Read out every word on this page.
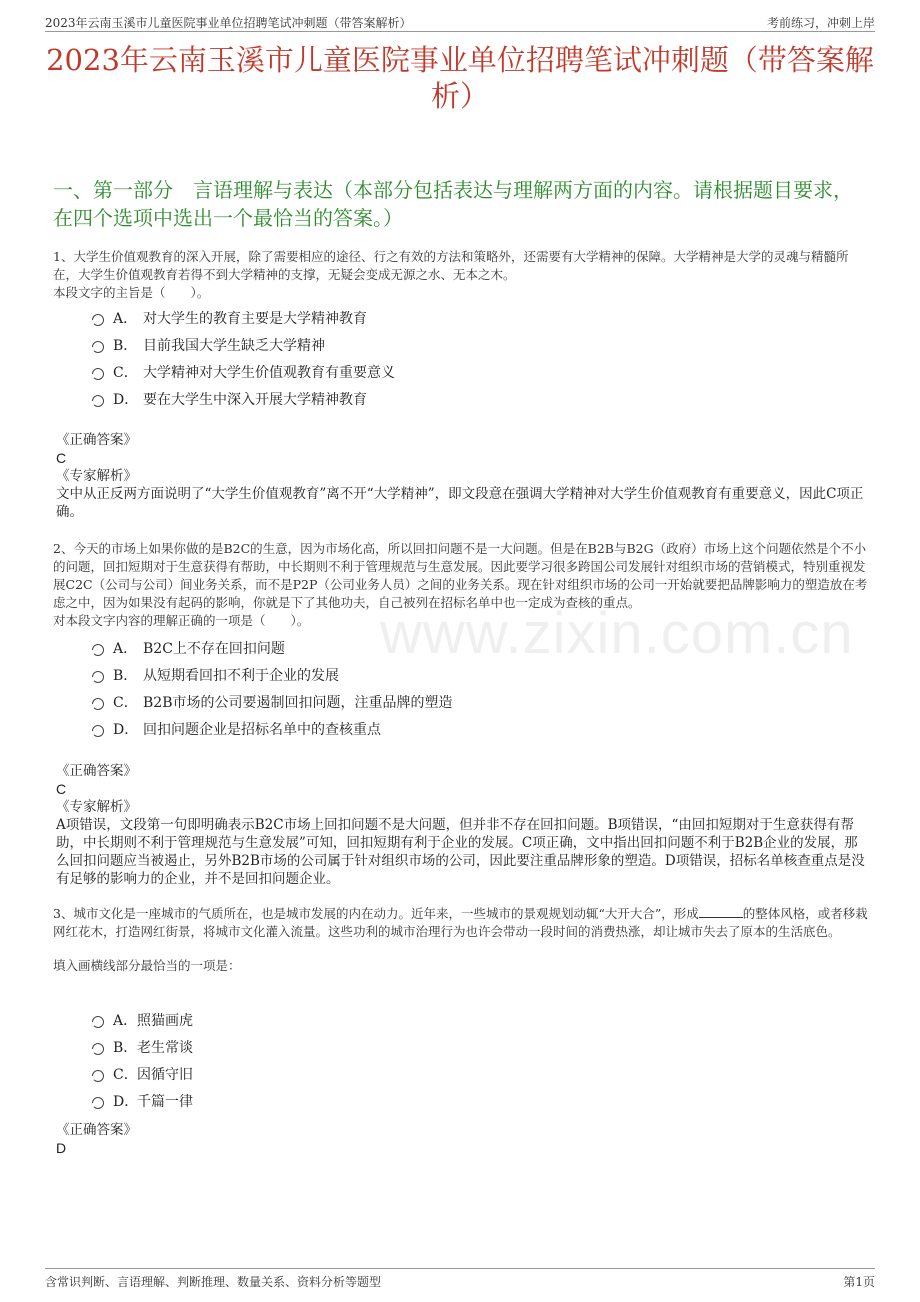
2023年云南玉溪市儿童医院事业单位招聘笔试冲刺题（带答案解析）	考前练习，冲刺上岸
2023年云南玉溪市儿童医院事业单位招聘笔试冲刺题（带答案解析）
一、第一部分　言语理解与表达（本部分包括表达与理解两方面的内容。请根据题目要求，在四个选项中选出一个最恰当的答案。）
www.zixin.com.cn
1、大学生价值观教育的深入开展，除了需要相应的途径、行之有效的方法和策略外，还需要有大学精神的保障。大学精神是大学的灵魂与精髓所在，大学生价值观教育若得不到大学精神的支撑，无疑会变成无源之水、无本之木。
本段文字的主旨是（　　）。
A． 对大学生的教育主要是大学精神教育
B． 目前我国大学生缺乏大学精神
C． 大学精神对大学生价值观教育有重要意义
D． 要在大学生中深入开展大学精神教育
《正确答案》
C
《专家解析》
文中从正反两方面说明了“大学生价值观教育”离不开“大学精神”，即文段意在强调大学精神对大学生价值观教育有重要意义，因此C项正确。
2、今天的市场上如果你做的是B2C的生意，因为市场化高，所以回扣问题不是一大问题。但是在B2B与B2G（政府）市场上这个问题依然是个不小的问题，回扣短期对于生意获得有帮助，中长期则不利于管理规范与生意发展。因此要学习很多跨国公司发展针对组织市场的营销模式，特别重视发展C2C（公司与公司）间业务关系，而不是P2P（公司业务人员）之间的业务关系。现在针对组织市场的公司一开始就要把品牌影响力的塑造放在考虑之中，因为如果没有起码的影响，你就是下了其他功夫，自己被列在招标名单中也一定成为查核的重点。
对本段文字内容的理解正确的一项是（　　）。
A． B2C上不存在回扣问题
B． 从短期看回扣不利于企业的发展
C． B2B市场的公司要遏制回扣问题，注重品牌的塑造
D． 回扣问题企业是招标名单中的查核重点
《正确答案》
C
《专家解析》
A项错误，文段第一句即明确表示B2C市场上回扣问题不是大问题，但并非不存在回扣问题。B项错误，“由回扣短期对于生意获得有帮助，中长期则不利于管理规范与生意发展”可知，回扣短期有利于企业的发展。C项正确，文中指出回扣问题不利于B2B企业的发展，那么回扣问题应当被遏止，另外B2B市场的公司属于针对组织市场的公司，因此要注重品牌形象的塑造。D项错误，招标名单核查重点是没有足够的影响力的企业，并不是回扣问题企业。
3、城市文化是一座城市的气质所在，也是城市发展的内在动力。近年来，一些城市的景观规划动辄“大开大合”，形成	的整体风格，或者移栽网红花木，打造网红街景，将城市文化灌入流量。这些功利的城市治理行为也许会带动一段时间的消费热涨，却让城市失去了原本的生活底色。
填入画横线部分最恰当的一项是：
A． 照猫画虎
B． 老生常谈
C． 因循守旧
D．
千篇一律
《正确答案》
D
含常识判断、言语理解、判断推理、数量关系、资料分析等题型	第1页
